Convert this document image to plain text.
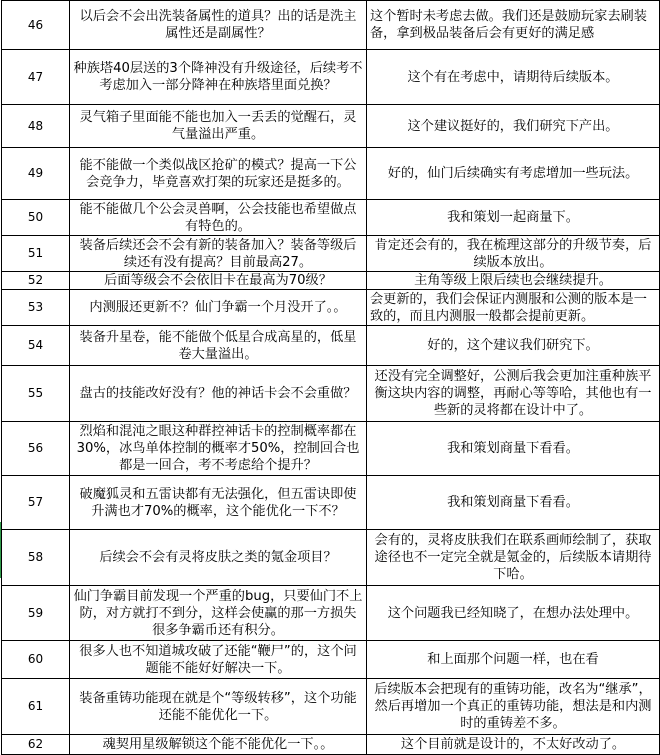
46	以后会不会出洗装备属性的道具？出的话是洗主属性还是副属性？	这个暂时未考虑去做。我们还是鼓励玩家去刷装备，拿到极品装备后会有更好的满足感
47	种族塔40层送的3个降神没有升级途径，后续考不考虑加入一部分降神在种族塔里面兑换？	这个有在考虑中，请期待后续版本。
48	灵气箱子里面能不能也加入一丢丢的觉醒石，灵气量溢出严重。	这个建议挺好的，我们研究下产出。
49	能不能做一个类似战区抢矿的模式？提高一下公会竞争力，毕竟喜欢打架的玩家还是挺多的。	好的，仙门后续确实有考虑增加一些玩法。
50	能不能做几个公会灵兽啊，公会技能也希望做点有特色的。	我和策划一起商量下。
51	装备后续还会不会有新的装备加入？装备等级后续还有没有提高？目前最高27。	肯定还会有的，我在梳理这部分的升级节奏，后续版本放出。
52	后面等级会不会依旧卡在最高为70级？	主角等级上限后续也会继续提升。
53	内测服还更新不？仙门争霸一个月没开了。。	会更新的，我们会保证内测服和公测的版本是一致的，而且内测服一般都会提前更新。
54	装备升星卷，能不能做个低星合成高星的，低星卷大量溢出。	好的，这个建议我们研究下。
55	盘古的技能改好没有？他的神话卡会不会重做？	还没有完全调整好，公测后我会更加注重种族平衡这块内容的调整，再耐心等等哈，其他也有一些新的灵将都在设计中了。
56	烈焰和混沌之眼这种群控神话卡的控制概率都在30%，冰鸟单体控制的概率才50%，控制回合也都是一回合，考不考虑给个提升？	我和策划商量下看看。
57	破魔狐灵和五雷诀都有无法强化，但五雷诀即使升满也才70%的概率，这个能优化一下不？	我和策划商量下看看。
58	后续会不会有灵将皮肤之类的氪金项目？	会有的，灵将皮肤我们在联系画师绘制了，获取途径也不一定完全就是氪金的，后续版本请期待下哈。
59	仙门争霸目前发现一个严重的bug，只要仙门不上防，对方就打不到分，这样会使赢的那一方损失很多争霸币还有积分。	这个问题我已经知晓了，在想办法处理中。
60	很多人也不知道城攻破了还能“鞭尸”的，这个问题能不能好好解决一下。	和上面那个问题一样，也在看
61	装备重铸功能现在就是个“等级转移”，这个功能还能不能优化一下。	后续版本会把现有的重铸功能，改名为“继承”，然后再增加一个真正的重铸功能，想法是和内测时的重铸差不多。
62	魂契用星级解锁这个能不能优化一下。。	这个目前就是设计的，不太好改动了。
